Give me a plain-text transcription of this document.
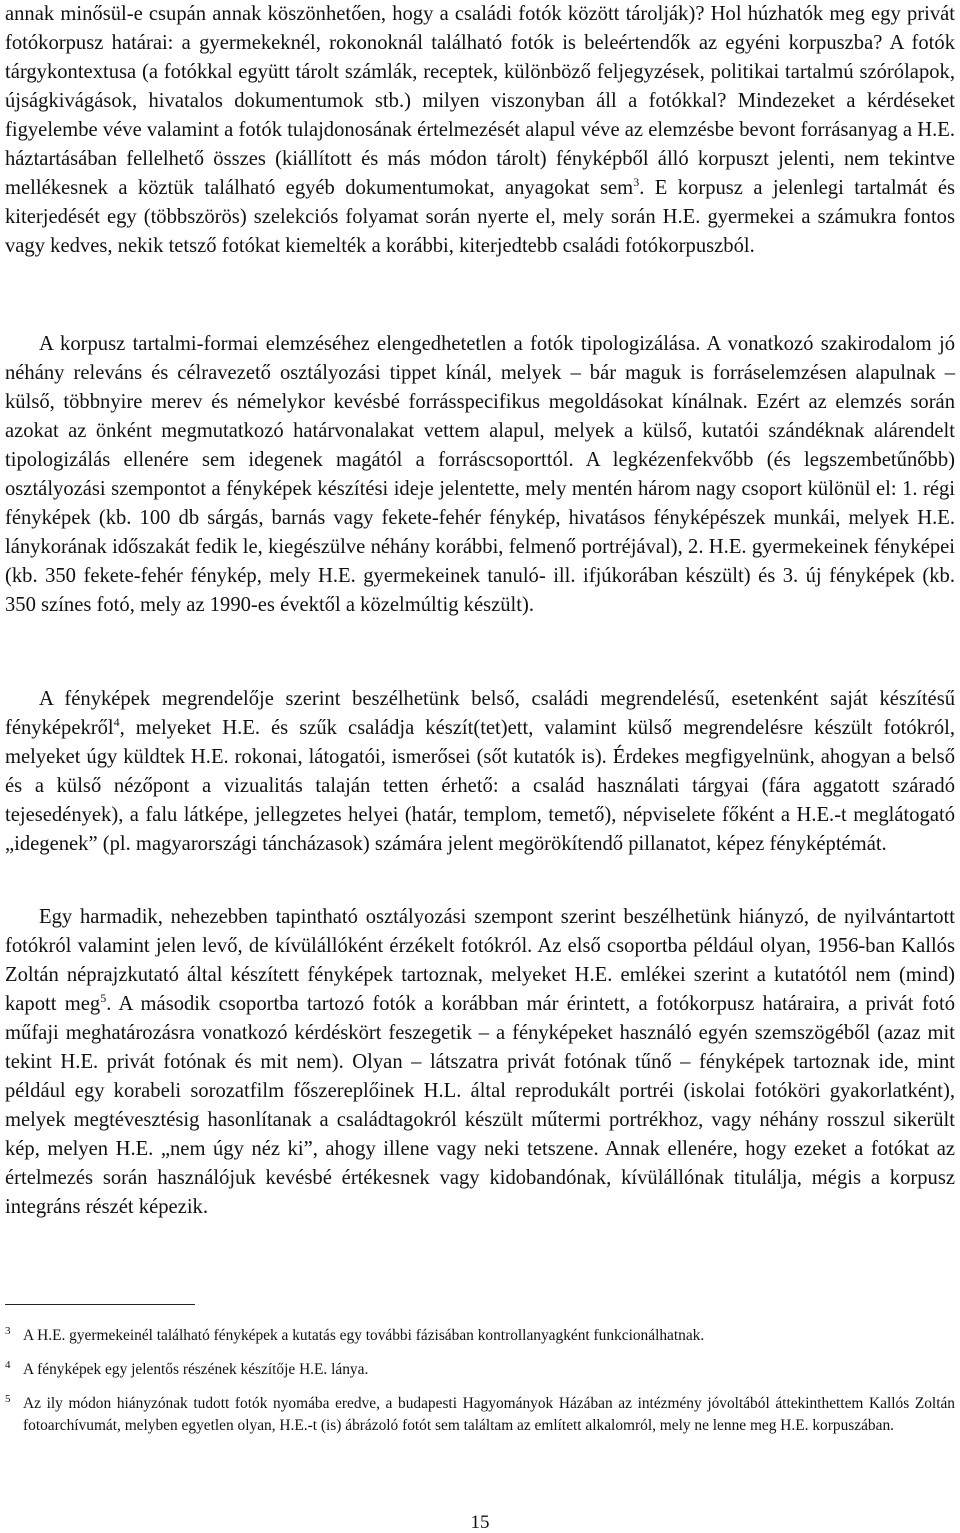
annak minősül-e csupán annak köszönhetően, hogy a családi fotók között tárolják)? Hol húzhatók meg egy privát fotókorpusz határai: a gyermekeknél, rokonoknál található fotók is beleértendők az egyéni korpuszba? A fotók tárgykontextusa (a fotókkal együtt tárolt számlák, receptek, különböző feljegyzések, politikai tartalmú szórólapok, újságkivágások, hivatalos dokumentumok stb.) milyen viszonyban áll a fotókkal? Mindezeket a kérdéseket figyelembe véve valamint a fotók tulajdonosának értelmezését alapul véve az elemzésbe bevont forrásanyag a H.E. háztartásában fellelhető összes (kiállított és más módon tárolt) fényképből álló korpuszt jelenti, nem tekintve mellékesnek a köztük található egyéb dokumentumokat, anyagokat sem$^3$. E korpusz a jelenlegi tartalmát és kiterjedését egy (többszörös) szelekciós folyamat során nyerte el, mely során H.E. gyermekei a számukra fontos vagy kedves, nekik tetsző fotókat kiemelték a korábbi, kiterjedtebb családi fotókorpuszból.

A korpusz tartalmi-formai elemzéséhez elengedhetetlen a fotók tipologizálása. A vonatkozó szakirodalom jó néhány releváns és célravezető osztályozási tippet kínál, melyek – bár maguk is forráselemzésen alapulnak – külső, többnyire merev és némelykor kevésbé forrásspecifikus megoldásokat kínálnak. Ezért az elemzés során azokat az önként megmutatkozó határvonalakat vettem alapul, melyek a külső, kutatói szándéknak alárendelt tipologizálás ellenére sem idegenek magától a forráscsoporttól. A legkézenfekvőbb (és legszembetűnőbb) osztályozási szempontot a fényképek készítési ideje jelentette, mely mentén három nagy csoport különül el: 1. régi fényképek (kb. 100 db sárgás, barnás vagy fekete-fehér fénykép, hivatásos fényképészek munkái, melyek H.E. lánykorának időszakát fedik le, kiegészülve néhány korábbi, felmenő portréjával), 2. H.E. gyermekeinek fényképei (kb. 350 fekete-fehér fénykép, mely H.E. gyermekeinek tanuló- ill. ifjúkorában készült) és 3. új fényképek (kb. 350 színes fotó, mely az 1990-es évektől a közelmúltig készült).

A fényképek megrendelője szerint beszélhetünk belső, családi megrendelésű, esetenként saját készítésű fényképekről$^4$, melyeket H.E. és szűk családja készít(tet)ett, valamint külső megrendelésre készült fotókról, melyeket úgy küldtek H.E. rokonai, látogatói, ismerősei (sőt kutatók is). Érdekes megfigyelnünk, ahogyan a belső és a külső nézőpont a vizualitás talaján tetten érhető: a család használati tárgyai (fára aggatott száradó tejesedények), a falu látképe, jellegzetes helyei (határ, templom, temető), népviselete főként a H.E.-t meglátogató „idegenek” (pl. magyarországi táncházasok) számára jelent megörökítendő pillanatot, képez fényképtémát.

Egy harmadik, nehezebben tapintható osztályozási szempont szerint beszélhetünk hiányzó, de nyilvántartott fotókról valamint jelen levő, de kívülállóként érzékelt fotókról. Az első csoportba például olyan, 1956-ban Kallós Zoltán néprajzkutató által készített fényképek tartoznak, melyeket H.E. emlékei szerint a kutatótól nem (mind) kapott meg$^5$. A második csoportba tartozó fotók a korábban már érintett, a fotókorpusz határaira, a privát fotó műfaji meghatározásra vonatkozó kérdéskört feszegetik – a fényképeket használó egyén szemszögéből (azaz mit tekint H.E. privát fotónak és mit nem). Olyan – látszatra privát fotónak tűnő – fényképek tartoznak ide, mint például egy korabeli sorozatfilm főszereplőinek H.L. által reprodukált portréi (iskolai fotóköri gyakorlatként), melyek megtévesztésig hasonlítanak a családtagokról készült műtermi portrékhoz, vagy néhány rosszul sikerült kép, melyen H.E. „nem úgy néz ki”, ahogy illene vagy neki tetszene. Annak ellenére, hogy ezeket a fotókat az értelmezés során használójuk kevésbé értékesnek vagy kidobandónak, kívülállónak titulálja, mégis a korpusz integráns részét képezik.

3 A H.E. gyermekeinél található fényképek a kutatás egy további fázisában kontrollanyagként funkcionálhatnak.

4 A fényképek egy jelentős részének készítője H.E. lánya.

5 Az ily módon hiányzónak tudott fotók nyomába eredve, a budapesti Hagyományok Házában az intézmény jóvoltából áttekinthettem Kallós Zoltán fotoarchívumát, melyben egyetlen olyan, H.E.-t (is) ábrázoló fotót sem találtam az említett alkalomról, mely ne lenne meg H.E. korpuszában.

15
